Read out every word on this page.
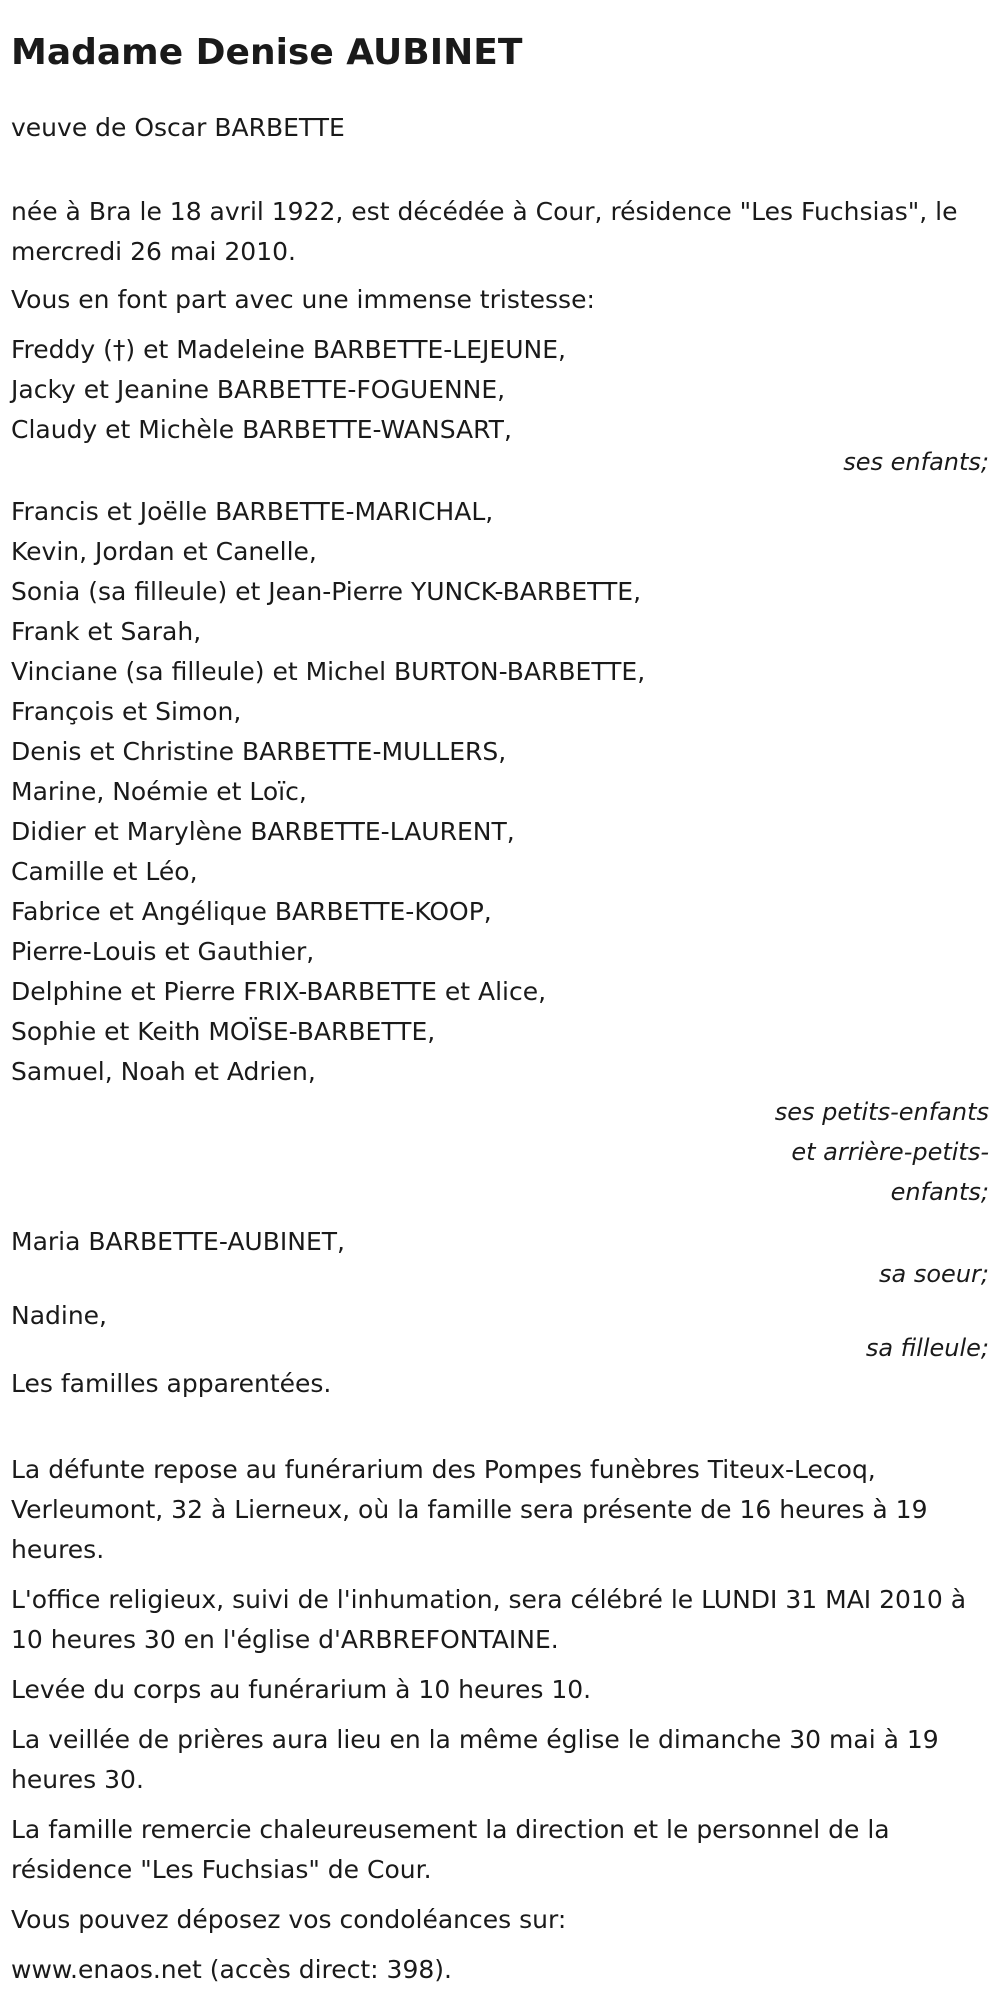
Madame Denise AUBINET

veuve de Oscar BARBETTE

née à Bra le 18 avril 1922, est décédée à Cour, résidence "Les Fuchsias", le mercredi 26 mai 2010.

Vous en font part avec une immense tristesse:

Freddy (†) et Madeleine BARBETTE-LEJEUNE,
Jacky et Jeanine BARBETTE-FOGUENNE,
Claudy et Michèle BARBETTE-WANSART,

ses enfants;

Francis et Joëlle BARBETTE-MARICHAL,
Kevin, Jordan et Canelle,
Sonia (sa filleule) et Jean-Pierre YUNCK-BARBETTE,
Frank et Sarah,
Vinciane (sa filleule) et Michel BURTON-BARBETTE,
François et Simon,
Denis et Christine BARBETTE-MULLERS,
Marine, Noémie et Loïc,
Didier et Marylène BARBETTE-LAURENT,
Camille et Léo,
Fabrice et Angélique BARBETTE-KOOP,
Pierre-Louis et Gauthier,
Delphine et Pierre FRIX-BARBETTE et Alice,
Sophie et Keith MOÏSE-BARBETTE,
Samuel, Noah et Adrien,

ses petits-enfants

et arrière-petits-

enfants;

Maria BARBETTE-AUBINET,

sa soeur;

Nadine,

sa filleule;

Les familles apparentées.

La défunte repose au funérarium des Pompes funèbres Titeux-Lecoq, Verleumont, 32 à Lierneux, où la famille sera présente de 16 heures à 19 heures.

L'office religieux, suivi de l'inhumation, sera célébré le LUNDI 31 MAI 2010 à 10 heures 30 en l'église d'ARBREFONTAINE.

Levée du corps au funérarium à 10 heures 10.

La veillée de prières aura lieu en la même église le dimanche 30 mai à 19 heures 30.

La famille remercie chaleureusement la direction et le personnel de la résidence "Les Fuchsias" de Cour.

Vous pouvez déposez vos condoléances sur:

www.enaos.net (accès direct: 398).
